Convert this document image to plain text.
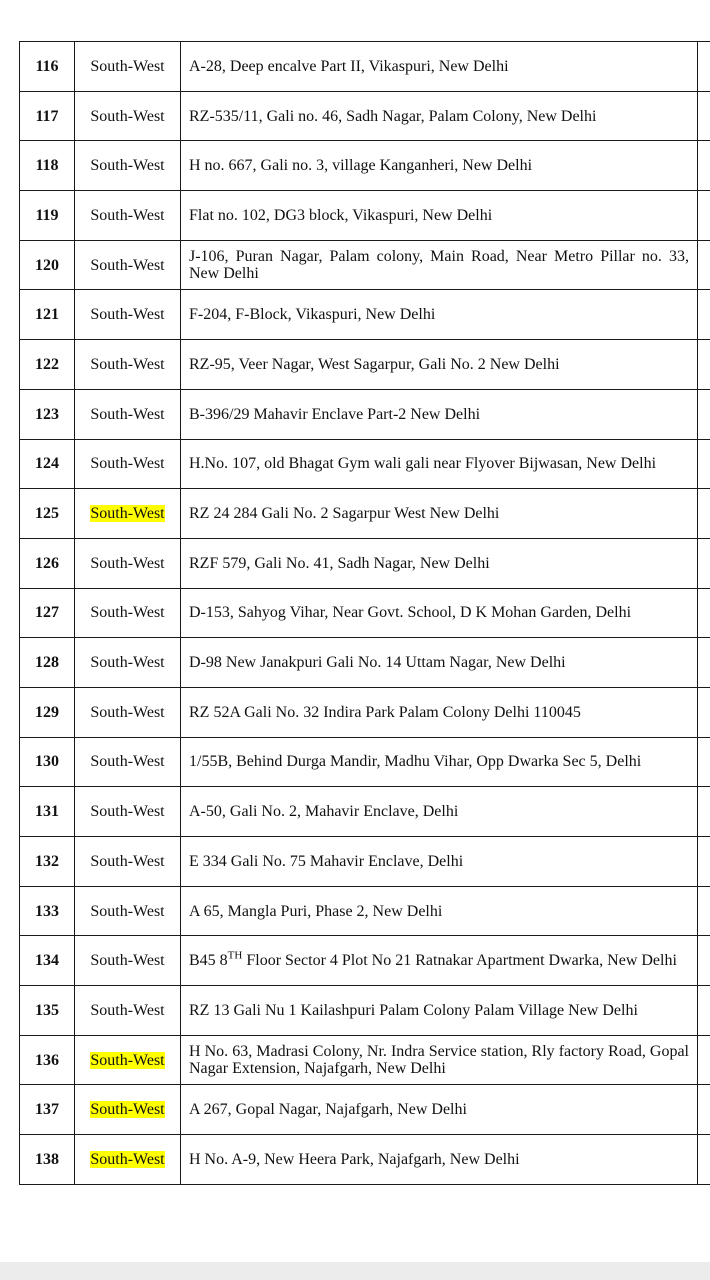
116	South-West	A-28, Deep encalve Part II, Vikaspuri, New Delhi	
117	South-West	RZ-535/11, Gali no. 46, Sadh Nagar, Palam Colony, New Delhi	
118	South-West	H no. 667, Gali no. 3, village Kanganheri, New Delhi	
119	South-West	Flat no. 102, DG3 block, Vikaspuri, New Delhi	
120	South-West	J-106, Puran Nagar, Palam colony, Main Road, Near Metro Pillar no. 33, New Delhi	
121	South-West	F-204, F-Block, Vikaspuri, New Delhi	
122	South-West	RZ-95, Veer Nagar, West Sagarpur, Gali No. 2 New Delhi	
123	South-West	B-396/29 Mahavir Enclave Part-2 New Delhi	
124	South-West	H.No. 107, old Bhagat Gym wali gali near Flyover Bijwasan, New Delhi	
125	South-West	RZ 24 284 Gali No. 2 Sagarpur West New Delhi	
126	South-West	RZF 579, Gali No. 41, Sadh Nagar, New Delhi	
127	South-West	D-153, Sahyog Vihar, Near Govt. School, D K Mohan Garden, Delhi	
128	South-West	D-98 New Janakpuri Gali No. 14 Uttam Nagar, New Delhi	
129	South-West	RZ 52A Gali No. 32 Indira Park Palam Colony Delhi 110045	
130	South-West	1/55B, Behind Durga Mandir, Madhu Vihar, Opp Dwarka Sec 5, Delhi	
131	South-West	A-50, Gali No. 2, Mahavir Enclave, Delhi	
132	South-West	E 334 Gali No. 75 Mahavir Enclave, Delhi	
133	South-West	A 65, Mangla Puri, Phase 2, New Delhi	
134	South-West	B45 8TH Floor Sector 4 Plot No 21 Ratnakar Apartment Dwarka, New Delhi	
135	South-West	RZ 13 Gali Nu 1 Kailashpuri Palam Colony Palam Village New Delhi	
136	South-West	H No. 63, Madrasi Colony, Nr. Indra Service station, Rly factory Road, Gopal Nagar Extension, Najafgarh, New Delhi	
137	South-West	A 267, Gopal Nagar, Najafgarh, New Delhi	
138	South-West	H No. A-9, New Heera Park, Najafgarh, New Delhi	
